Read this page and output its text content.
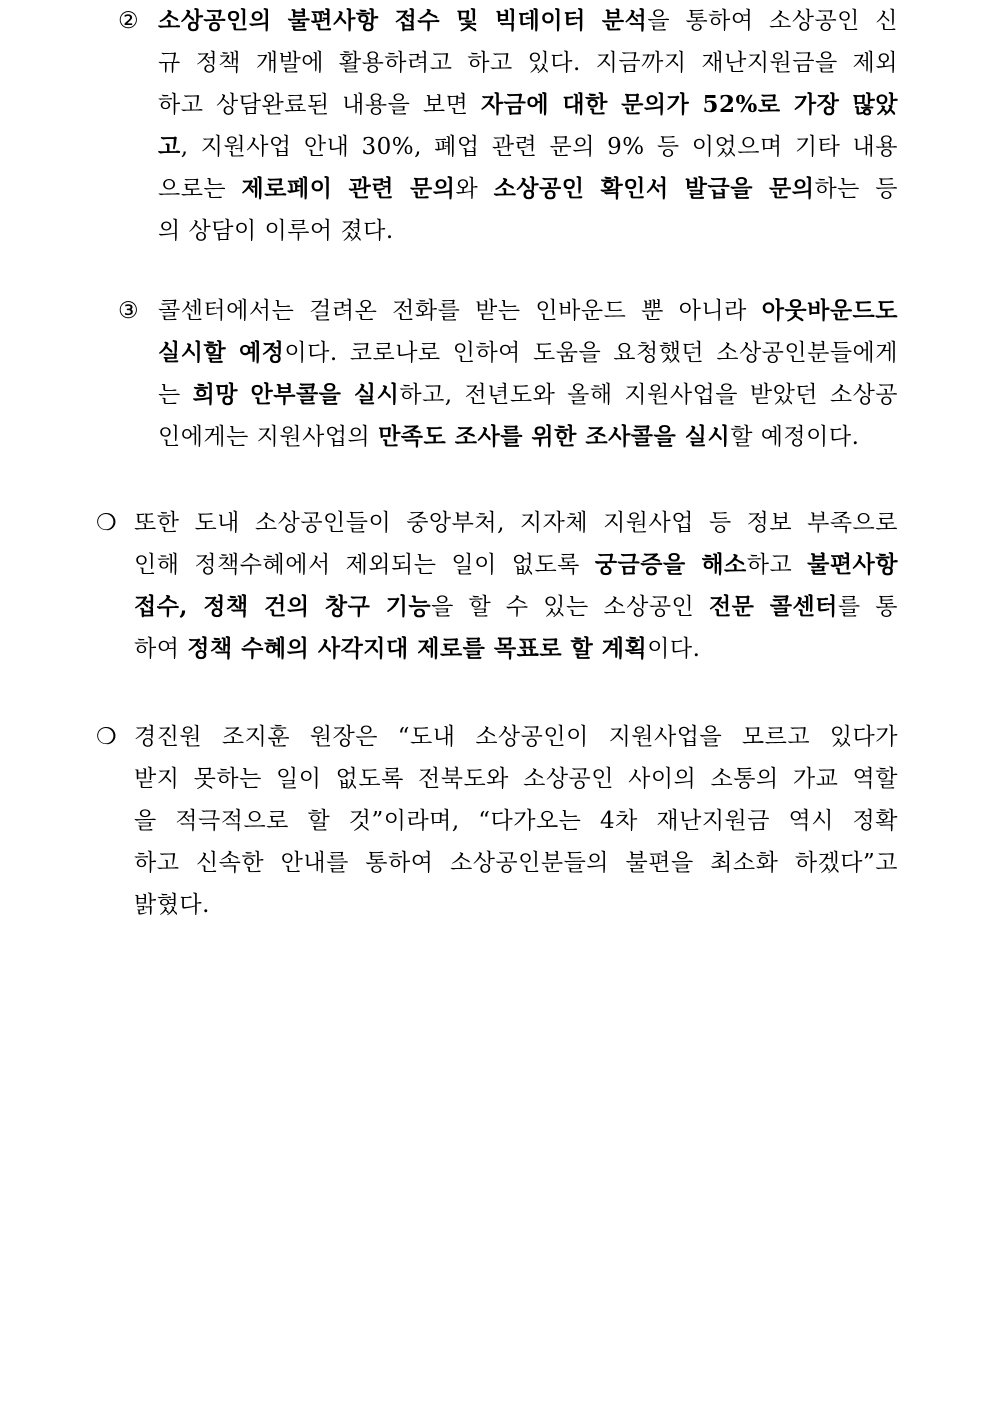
② 소상공인의 불편사항 접수 및 빅데이터 분석을 통하여 소상공인 신
규 정책 개발에 활용하려고 하고 있다. 지금까지 재난지원금을 제외
하고 상담완료된 내용을 보면 자금에 대한 문의가 52%로 가장 많았
고, 지원사업 안내 30%, 폐업 관련 문의 9% 등 이었으며 기타 내용
으로는 제로페이 관련 문의와 소상공인 확인서 발급을 문의하는 등
의 상담이 이루어 졌다.
③ 콜센터에서는 걸려온 전화를 받는 인바운드 뿐 아니라 아웃바운드도
실시할 예정이다. 코로나로 인하여 도움을 요청했던 소상공인분들에게
는 희망 안부콜을 실시하고, 전년도와 올해 지원사업을 받았던 소상공
인에게는 지원사업의 만족도 조사를 위한 조사콜을 실시할 예정이다.
❍ 또한 도내 소상공인들이 중앙부처, 지자체 지원사업 등 정보 부족으로
인해 정책수혜에서 제외되는 일이 없도록 궁금증을 해소하고 불편사항
접수, 정책 건의 창구 기능을 할 수 있는 소상공인 전문 콜센터를 통
하여 정책 수혜의 사각지대 제로를 목표로 할 계획이다.
❍ 경진원 조지훈 원장은 “도내 소상공인이 지원사업을 모르고 있다가
받지 못하는 일이 없도록 전북도와 소상공인 사이의 소통의 가교 역할
을 적극적으로 할 것”이라며, “다가오는 4차 재난지원금 역시 정확
하고 신속한 안내를 통하여 소상공인분들의 불편을 최소화 하겠다”고
밝혔다.
